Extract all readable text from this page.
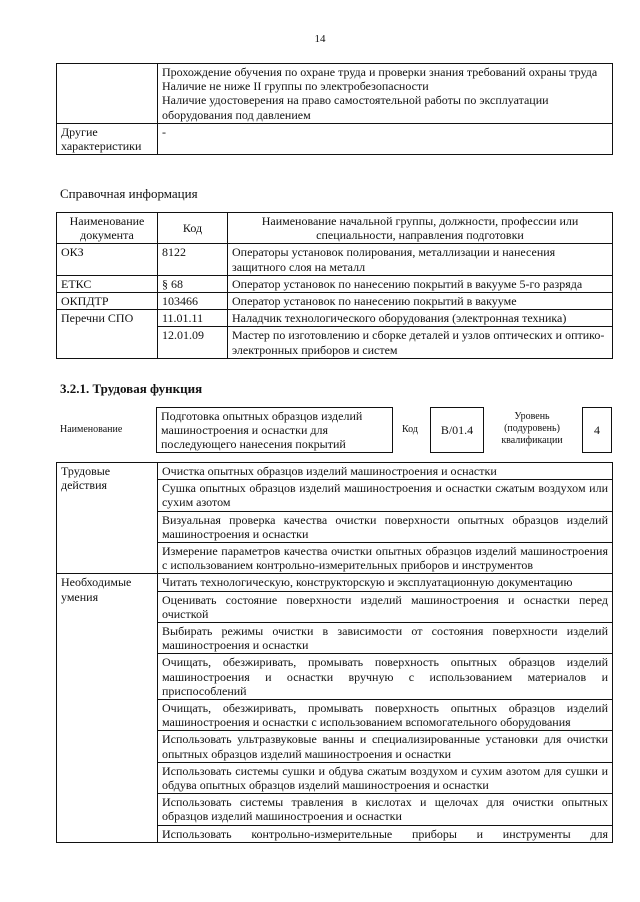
14

	Прохождение обучения по охране труда и проверки знания требований охраны труда
Наличие не ниже II группы по электробезопасности
Наличие удостоверения на право самостоятельной работы по эксплуатации оборудования под давлением

Другие характеристики	-
Справочная информация
Наименование документа	Код	Наименование начальной группы, должности, профессии или специальности, направления подготовки
ОКЗ	8122	Операторы установок полирования, металлизации и нанесения защитного слоя на металл
ЕТКС	§ 68	Оператор установок по нанесению покрытий в вакууме 5-го разряда
ОКПДТР	103466	Оператор установок по нанесению покрытий в вакууме
Перечни СПО	11.01.11	Наладчик технологического оборудования (электронная техника)
	12.01.09	Мастер по изготовлению и сборке деталей и узлов оптических и оптико-электронных приборов и систем
3.2.1. Трудовая функция
Наименование
Подготовка опытных образцов изделий машиностроения и оснастки для последующего нанесения покрытий
Код	B/01.4
Уровень (подуровень) квалификации
4
Трудовые действия	Очистка опытных образцов изделий машиностроения и оснастки
	Сушка опытных образцов изделий машиностроения и оснастки сжатым воздухом или сухим азотом
	Визуальная проверка качества очистки поверхности опытных образцов изделий машиностроения и оснастки
	Измерение параметров качества очистки опытных образцов изделий машиностроения с использованием контрольно-измерительных приборов и инструментов
Необходимые умения	Читать технологическую, конструкторскую и эксплуатационную документацию
	Оценивать состояние поверхности изделий машиностроения и оснастки перед очисткой
	Выбирать режимы очистки в зависимости от состояния поверхности изделий машиностроения и оснастки
	Очищать, обезжиривать, промывать поверхность опытных образцов изделий машиностроения и оснастки вручную с использованием материалов и приспособлений
	Очищать, обезжиривать, промывать поверхность опытных образцов изделий машиностроения и оснастки с использованием вспомогательного оборудования
	Использовать ультразвуковые ванны и специализированные установки для очистки опытных образцов изделий машиностроения и оснастки
	Использовать системы сушки и обдува сжатым воздухом и сухим азотом для сушки и обдува опытных образцов изделий машиностроения и оснастки
	Использовать системы травления в кислотах и щелочах для очистки опытных образцов изделий машиностроения и оснастки
	Использовать контрольно-измерительные приборы и инструменты для
